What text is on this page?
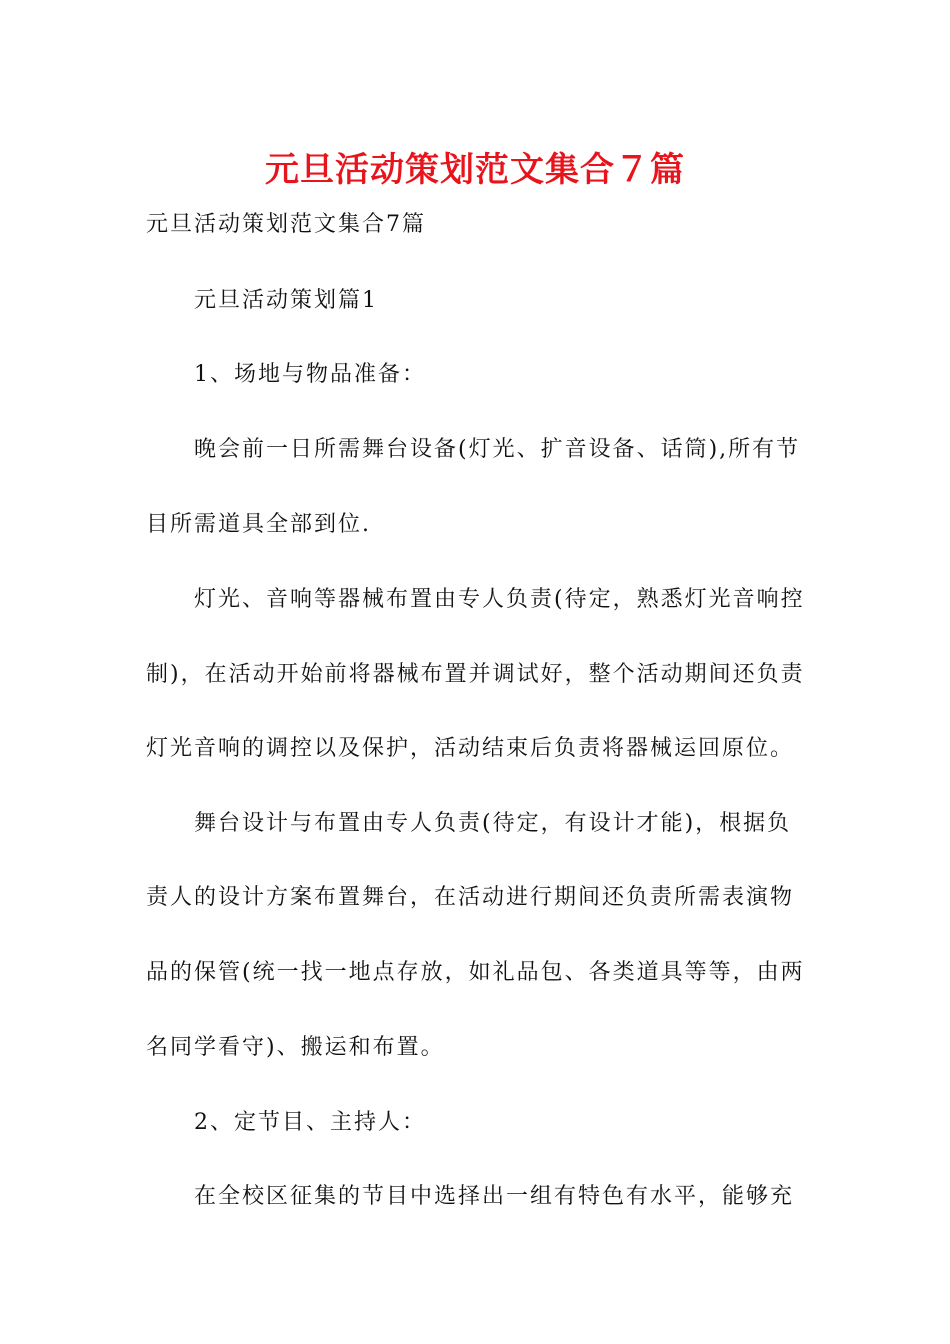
元旦活动策划范文集合７篇

元旦活动策划范文集合7篇

元旦活动策划篇1

1、场地与物品准备：

晚会前一日所需舞台设备(灯光、扩音设备、话筒),所有节

目所需道具全部到位.

灯光、音响等器械布置由专人负责(待定，熟悉灯光音响控

制)，在活动开始前将器械布置并调试好，整个活动期间还负责

灯光音响的调控以及保护，活动结束后负责将器械运回原位。

舞台设计与布置由专人负责(待定，有设计才能)，根据负

责人的设计方案布置舞台，在活动进行期间还负责所需表演物

品的保管(统一找一地点存放，如礼品包、各类道具等等，由两

名同学看守)、搬运和布置。

2、定节目、主持人：

在全校区征集的节目中选择出一组有特色有水平，能够充
